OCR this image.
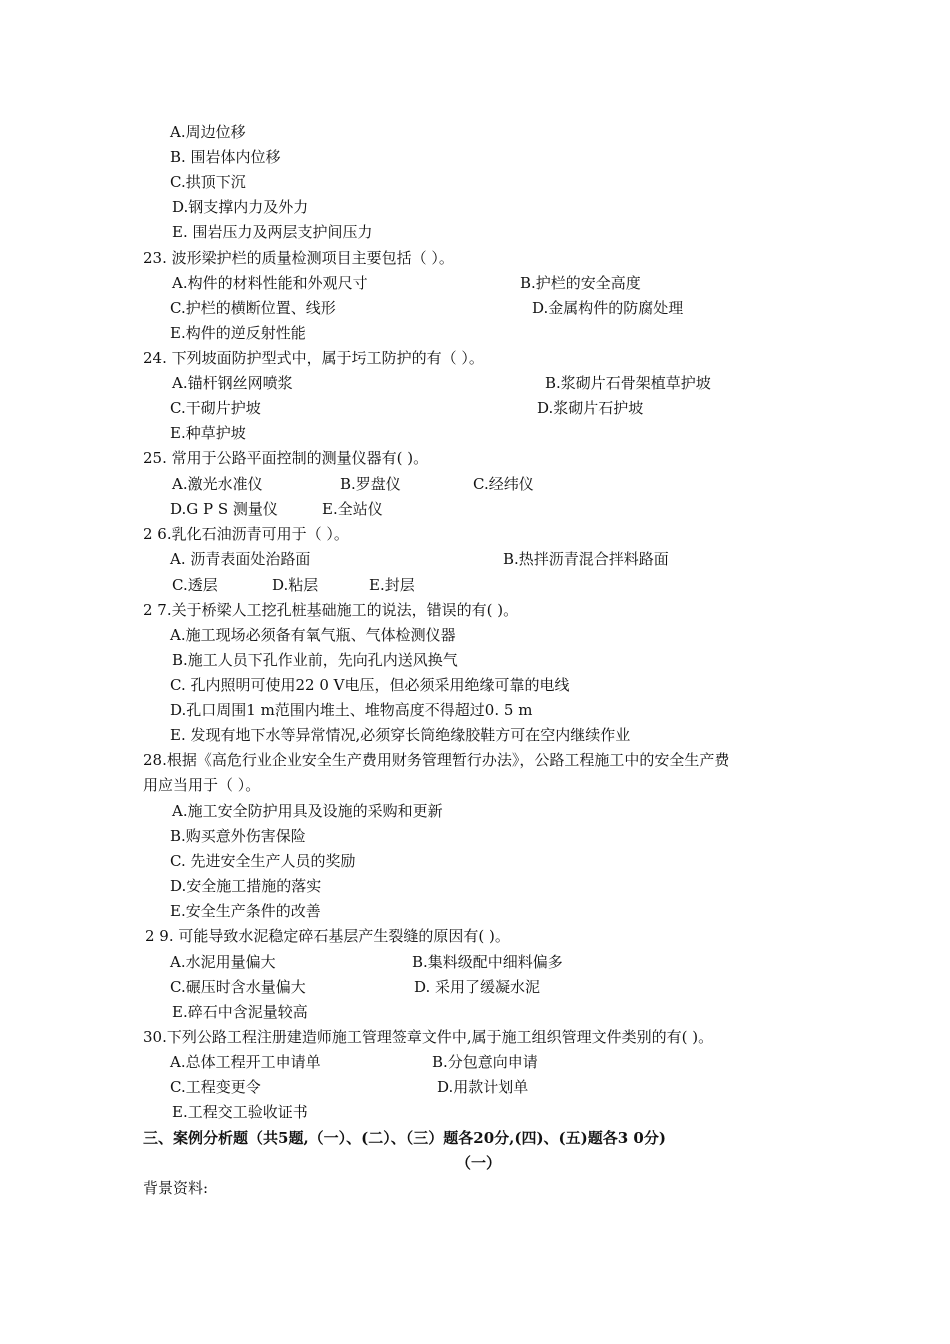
A.周边位移
B. 围岩体内位移
C.拱顶下沉
D.钢支撑内力及外力
E. 围岩压力及两层支护间压力
23. 波形梁护栏的质量检测项目主要包括（ ）。
A.构件的材料性能和外观尺寸	B.护栏的安全高度
C.护栏的横断位置、线形	D.金属构件的防腐处理
E.构件的逆反射性能
24. 下列坡面防护型式中，属于圬工防护的有（ ）。
A.锚杆钢丝网喷浆	B.浆砌片石骨架植草护坡
C.干砌片护坡	D.浆砌片石护坡
E.种草护坡
25. 常用于公路平面控制的测量仪器有( )。
A.激光水准仪	B.罗盘仪	C.经纬仪
D.G P S 测量仪	E.全站仪
2 6.乳化石油沥青可用于（ ）。
A. 沥青表面处治路面	B.热拌沥青混合拌料路面
C.透层	D.粘层	E.封层
2 7.关于桥梁人工挖孔桩基础施工的说法，错误的有( )。
A.施工现场必须备有氧气瓶、气体检测仪器
B.施工人员下孔作业前，先向孔内送风换气
C. 孔内照明可使用22 0 V电压，但必须采用绝缘可靠的电线
D.孔口周围1 m范围内堆土、堆物高度不得超过0. 5 m
E. 发现有地下水等异常情况,必须穿长筒绝缘胶鞋方可在空内继续作业
28.根据《高危行业企业安全生产费用财务管理暂行办法》，公路工程施工中的安全生产费
用应当用于（ ）。
A.施工安全防护用具及设施的采购和更新
B.购买意外伤害保险
C. 先进安全生产人员的奖励
D.安全施工措施的落实
E.安全生产条件的改善
2 9. 可能导致水泥稳定碎石基层产生裂缝的原因有( )。
A.水泥用量偏大	B.集料级配中细料偏多
C.碾压时含水量偏大	D. 采用了缓凝水泥
E.碎石中含泥量较高
30.下列公路工程注册建造师施工管理签章文件中,属于施工组织管理文件类别的有( )。
A.总体工程开工申请单	B.分包意向申请
C.工程变更令	D.用款计划单
E.工程交工验收证书
三、案例分析题（共5题,（一）、(二）、（三）题各20分,(四)、(五)题各3 0分)
（一）
背景资料:
